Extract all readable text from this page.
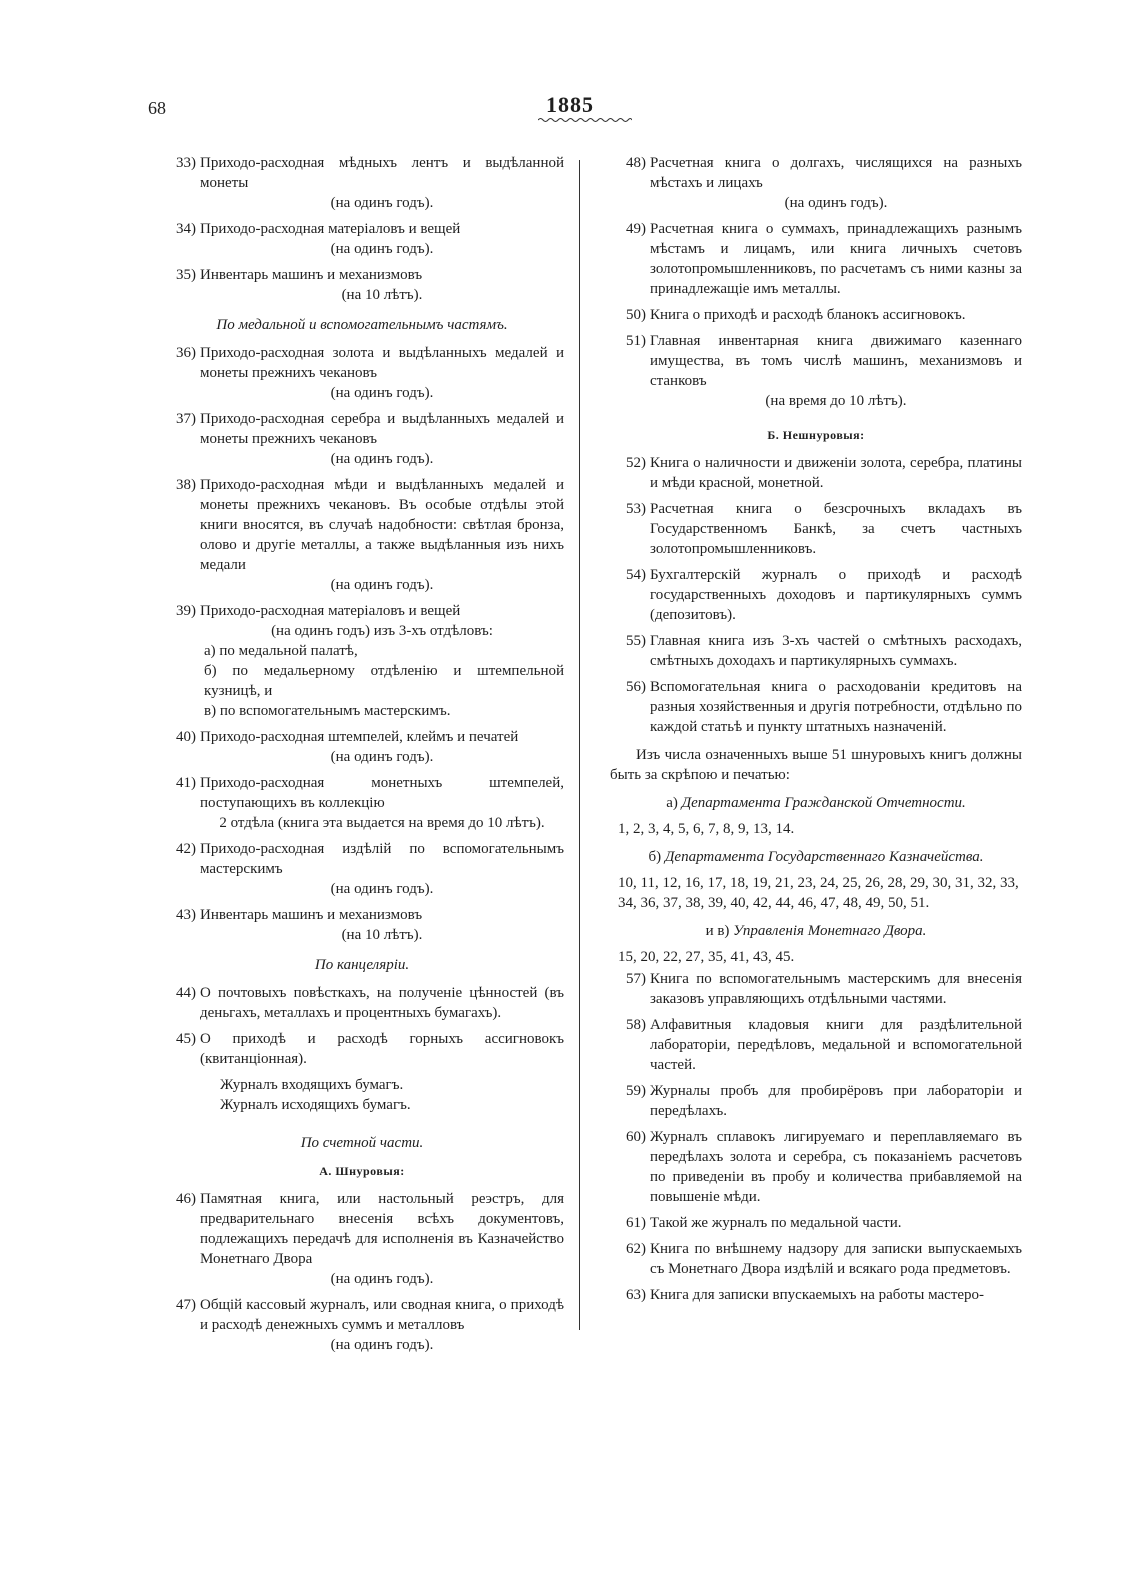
68	1885
33) Приходо-расходная мѣдныхъ лентъ и выдѣланной монеты
(на одинъ годъ).
34) Приходо-расходная матеріаловъ и вещей
(на одинъ годъ).
35) Инвентарь машинъ и механизмовъ
(на 10 лѣтъ).
По медальной и вспомогательнымъ частямъ.
36) Приходо-расходная золота и выдѣланныхъ медалей и монеты прежнихъ чекановъ
(на одинъ годъ).
37) Приходо-расходная серебра и выдѣланныхъ медалей и монеты прежнихъ чекановъ
(на одинъ годъ).
38) Приходо-расходная мѣди и выдѣланныхъ медалей и монеты прежнихъ чекановъ. Въ особые отдѣлы этой книги вносятся, въ случаѣ надобности: свѣтлая бронза, олово и другіе металлы, а также выдѣланныя изъ нихъ медали
(на одинъ годъ).
39) Приходо-расходная матеріаловъ и вещей
(на одинъ годъ) изъ 3-хъ отдѣловъ:
а) по медальной палатѣ,
б) по медальерному отдѣленію и штемпельной кузницѣ, и
в) по вспомогательнымъ мастерскимъ.
40) Приходо-расходная штемпелей, клеймъ и печатей
(на одинъ годъ).
41) Приходо-расходная монетныхъ штемпелей, поступающихъ въ коллекцію
2 отдѣла (книга эта выдается на время до 10 лѣтъ).
42) Приходо-расходная издѣлій по вспомогательнымъ мастерскимъ
(на одинъ годъ).
43) Инвентарь машинъ и механизмовъ
(на 10 лѣтъ).
По канцеляріи.
44) О почтовыхъ повѣсткахъ, на полученіе цѣнностей (въ деньгахъ, металлахъ и процентныхъ бумагахъ).
45) О приходѣ и расходѣ горныхъ ассигновокъ (квитанціонная).
Журналъ входящихъ бумагъ.
Журналъ исходящихъ бумагъ.
По счетной части.
А. Шнуровыя:
46) Памятная книга, или настольный реэстръ, для предварительнаго внесенія всѣхъ документовъ, подлежащихъ передачѣ для исполненія въ Казначейство Монетнаго Двора
(на одинъ годъ).
47) Общій кассовый журналъ, или сводная книга, о приходѣ и расходѣ денежныхъ суммъ и металловъ
(на одинъ годъ).
48) Расчетная книга о долгахъ, числящихся на разныхъ мѣстахъ и лицахъ
(на одинъ годъ).
49) Расчетная книга о суммахъ, принадлежащихъ разнымъ мѣстамъ и лицамъ, или книга личныхъ счетовъ золотопромышленниковъ, по расчетамъ съ ними казны за принадлежащіе имъ металлы.
50) Книга о приходѣ и расходѣ бланокъ ассигновокъ.
51) Главная инвентарная книга движимаго казеннаго имущества, въ томъ числѣ машинъ, механизмовъ и станковъ
(на время до 10 лѣтъ).
Б. Нешнуровыя:
52) Книга о наличности и движеніи золота, серебра, платины и мѣди красной, монетной.
53) Расчетная книга о безсрочныхъ вкладахъ въ Государственномъ Банкѣ, за счетъ частныхъ золотопромышленниковъ.
54) Бухгалтерскій журналъ о приходѣ и расходѣ государственныхъ доходовъ и партикулярныхъ суммъ (депозитовъ).
55) Главная книга изъ 3-хъ частей о смѣтныхъ расходахъ, смѣтныхъ доходахъ и партикулярныхъ суммахъ.
56) Вспомогательная книга о расходованіи кредитовъ на разныя хозяйственныя и другія потребности, отдѣльно по каждой статьѣ и пункту штатныхъ назначеній.
Изъ числа означенныхъ выше 51 шнуровыхъ книгъ должны быть за скрѣпою и печатью:
а) Департамента Гражданской Отчетности.
1, 2, 3, 4, 5, 6, 7, 8, 9, 13, 14.
б) Департамента Государственнаго Казначейства.
10, 11, 12, 16, 17, 18, 19, 21, 23, 24, 25, 26, 28, 29, 30, 31, 32, 33, 34, 36, 37, 38, 39, 40, 42, 44, 46, 47, 48, 49, 50, 51.
и в) Управленія Монетнаго Двора.
15, 20, 22, 27, 35, 41, 43, 45.
57) Книга по вспомогательнымъ мастерскимъ для внесенія заказовъ управляющихъ отдѣльными частями.
58) Алфавитныя кладовыя книги для раздѣлительной лабораторіи, передѣловъ, медальной и вспомогательной частей.
59) Журналы пробъ для пробирёровъ при лабораторіи и передѣлахъ.
60) Журналъ сплавокъ лигируемаго и переплавляемаго въ передѣлахъ золота и серебра, съ показаніемъ расчетовъ по приведеніи въ пробу и количества прибавляемой на повышеніе мѣди.
61) Такой же журналъ по медальной части.
62) Книга по внѣшнему надзору для записки выпускаемыхъ съ Монетнаго Двора издѣлій и всякаго рода предметовъ.
63) Книга для записки впускаемыхъ на работы мастеро-
